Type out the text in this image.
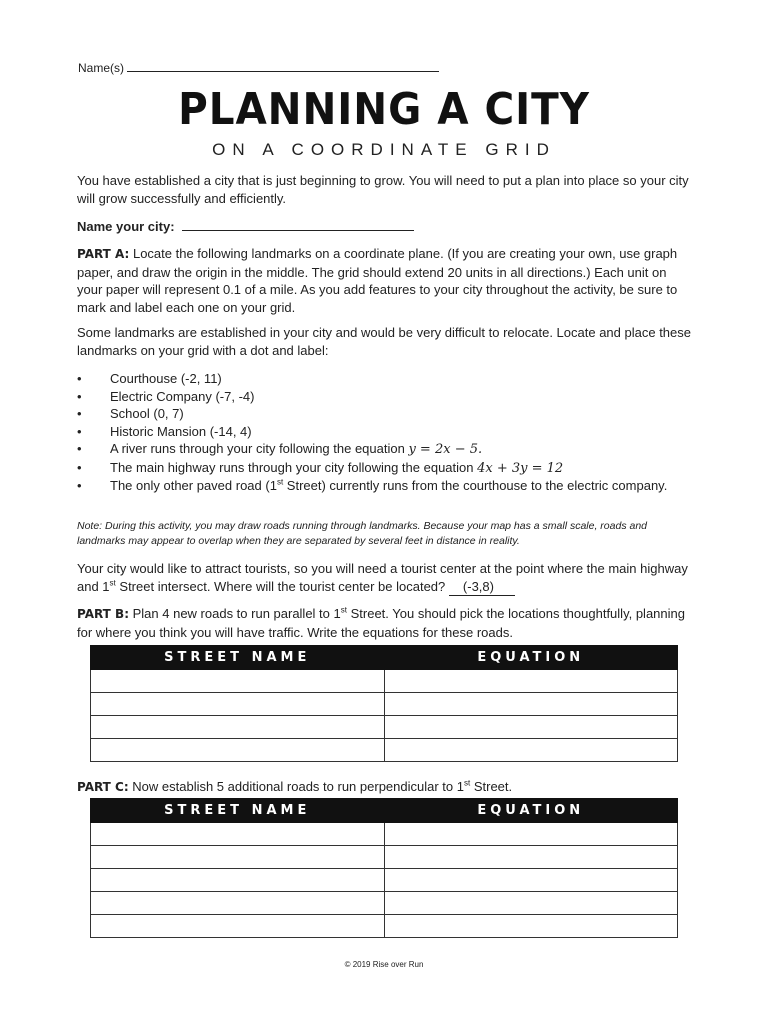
Name(s)
PLANNING A CITY
ON A COORDINATE GRID

You have established a city that is just beginning to grow. You will need to put a plan into place so your city will grow successfully and efficiently.

Name your city:

PART A: Locate the following landmarks on a coordinate plane. (If you are creating your own, use graph paper, and draw the origin in the middle. The grid should extend 20 units in all directions.) Each unit on your paper will represent 0.1 of a mile. As you add features to your city throughout the activity, be sure to mark and label each one on your grid.

Some landmarks are established in your city and would be very difficult to relocate. Locate and place these landmarks on your grid with a dot and label:

• Courthouse (-2, 11)
• Electric Company (-7, -4)
• School (0, 7)
• Historic Mansion (-14, 4)
• A river runs through your city following the equation y = 2x − 5.
• The main highway runs through your city following the equation 4x + 3y = 12
• The only other paved road (1st Street) currently runs from the courthouse to the electric company.

Note: During this activity, you may draw roads running through landmarks. Because your map has a small scale, roads and landmarks may appear to overlap when they are separated by several feet in distance in reality.

Your city would like to attract tourists, so you will need a tourist center at the point where the main highway and 1st Street intersect. Where will the tourist center be located? (-3,8)

PART B: Plan 4 new roads to run parallel to 1st Street. You should pick the locations thoughtfully, planning for where you think you will have traffic. Write the equations for these roads.

STREET NAME	EQUATION

PART C: Now establish 5 additional roads to run perpendicular to 1st Street.

STREET NAME	EQUATION

© 2019 Rise over Run
